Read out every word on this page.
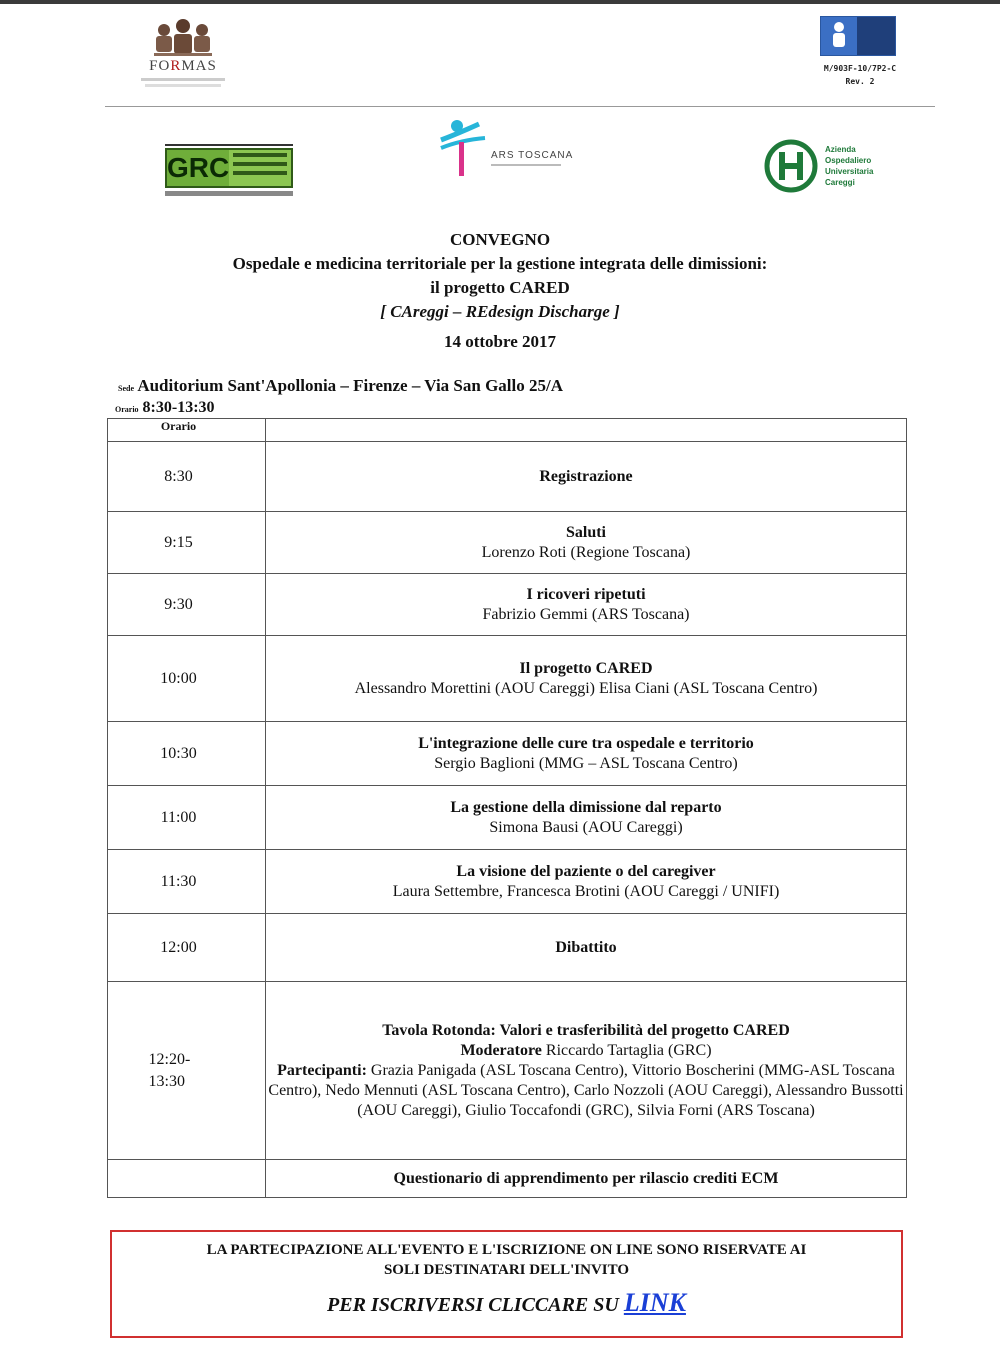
FORMAS	M/903F-10/7P2-C
Rev. 2
GRC	ARS TOSCANA
Azienda
Ospedaliero
Universitaria
Careggi
CONVEGNO
Ospedale e medicina territoriale per la gestione integrata delle dimissioni:
il progetto CARED
[ CAreggi – REdesign Discharge ]
14 ottobre 2017
Sede Auditorium Sant'Apollonia – Firenze – Via San Gallo 25/A
Orario 8:30-13:30
Orario	
8:30	Registrazione

9:15	Saluti
Lorenzo Roti (Regione Toscana)

9:30	I ricoveri ripetuti
Fabrizio Gemmi (ARS Toscana)

10:00	Il progetto CARED
Alessandro Morettini (AOU Careggi) Elisa Ciani (ASL Toscana Centro)

10:30	L'integrazione delle cure tra ospedale e territorio
Sergio Baglioni (MMG – ASL Toscana Centro)

11:00	La gestione della dimissione dal reparto
Simona Bausi (AOU Careggi)

11:30	La visione del paziente o del caregiver
Laura Settembre, Francesca Brotini (AOU Careggi / UNIFI)

12:00	Dibattito

12:20-13:30	Tavola Rotonda: Valori e trasferibilità del progetto CARED
Moderatore Riccardo Tartaglia (GRC)
Partecipanti: Grazia Panigada (ASL Toscana Centro), Vittorio Boscherini (MMG-ASL Toscana Centro), Nedo Mennuti (ASL Toscana Centro), Carlo Nozzoli (AOU Careggi), Alessandro Bussotti (AOU Careggi), Giulio Toccafondi (GRC), Silvia Forni (ARS Toscana)

	Questionario di apprendimento per rilascio crediti ECM
LA PARTECIPAZIONE ALL'EVENTO E L'ISCRIZIONE ON LINE SONO RISERVATE AI
SOLI DESTINATARI DELL'INVITO
PER ISCRIVERSI CLICCARE SU LINK
